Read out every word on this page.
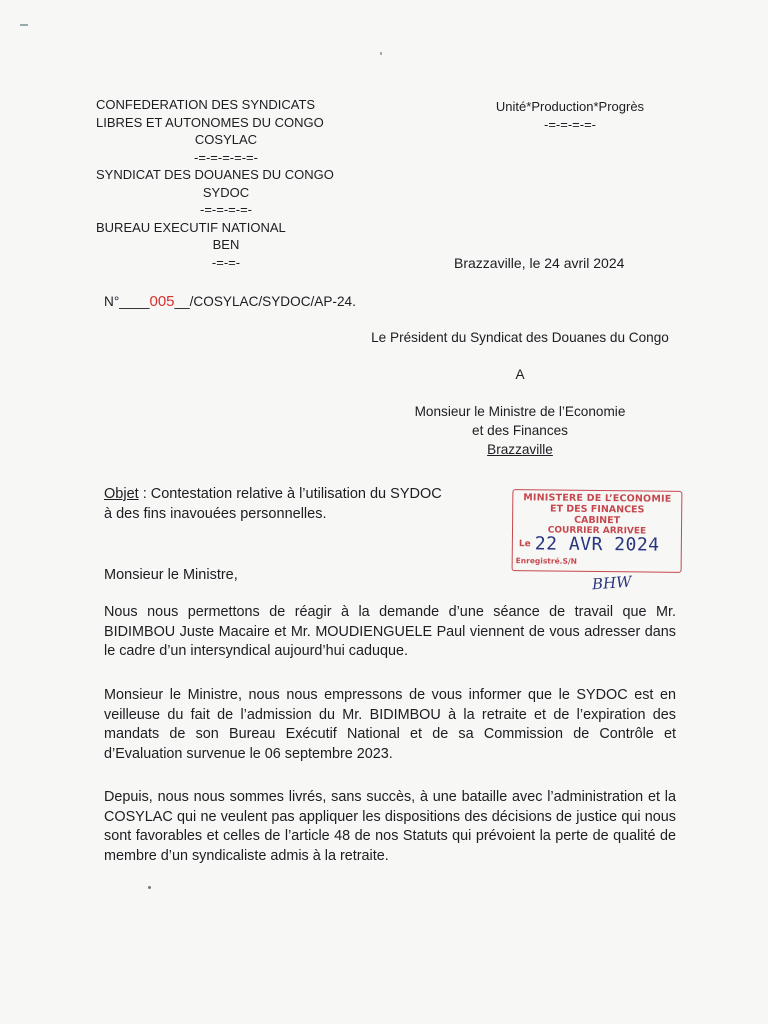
CONFEDERATION DES SYNDICATS
LIBRES ET AUTONOMES DU CONGO
COSYLAC
-=-=-=-=-=-
SYNDICAT DES DOUANES DU CONGO
SYDOC
-=-=-=-=-
BUREAU EXECUTIF NATIONAL
BEN
-=-=-
Unité*Production*Progrès
-=-=-=-=-
Brazzaville, le 24 avril 2024
N°____005__/COSYLAC/SYDOC/AP-24.
Le Président du Syndicat des Douanes du Congo
A
Monsieur le Ministre de l’Economie
et des Finances
Brazzaville
Objet : Contestation relative à l’utilisation du SYDOC
à des fins inavouées personnelles.
MINISTERE DE L’ECONOMIE
ET DES FINANCES
CABINET
COURRIER ARRIVEE
Le 22 AVR 2024
Enregistré.S/N
BHW
Monsieur le Ministre,
Nous nous permettons de réagir à la demande d’une séance de travail que Mr. BIDIMBOU Juste Macaire et Mr. MOUDIENGUELE Paul viennent de vous adresser dans le cadre d’un intersyndical aujourd’hui caduque.
Monsieur le Ministre, nous nous empressons de vous informer que le SYDOC est en veilleuse du fait de l’admission du Mr. BIDIMBOU à la retraite et de l’expiration des mandats de son Bureau Exécutif National et de sa Commission de Contrôle et d’Evaluation survenue le 06 septembre 2023.
Depuis, nous nous sommes livrés, sans succès, à une bataille avec l’administration et la COSYLAC qui ne veulent pas appliquer les dispositions des décisions de justice qui nous sont favorables et celles de l’article 48 de nos Statuts qui prévoient la perte de qualité de membre d’un syndicaliste admis à la retraite.
